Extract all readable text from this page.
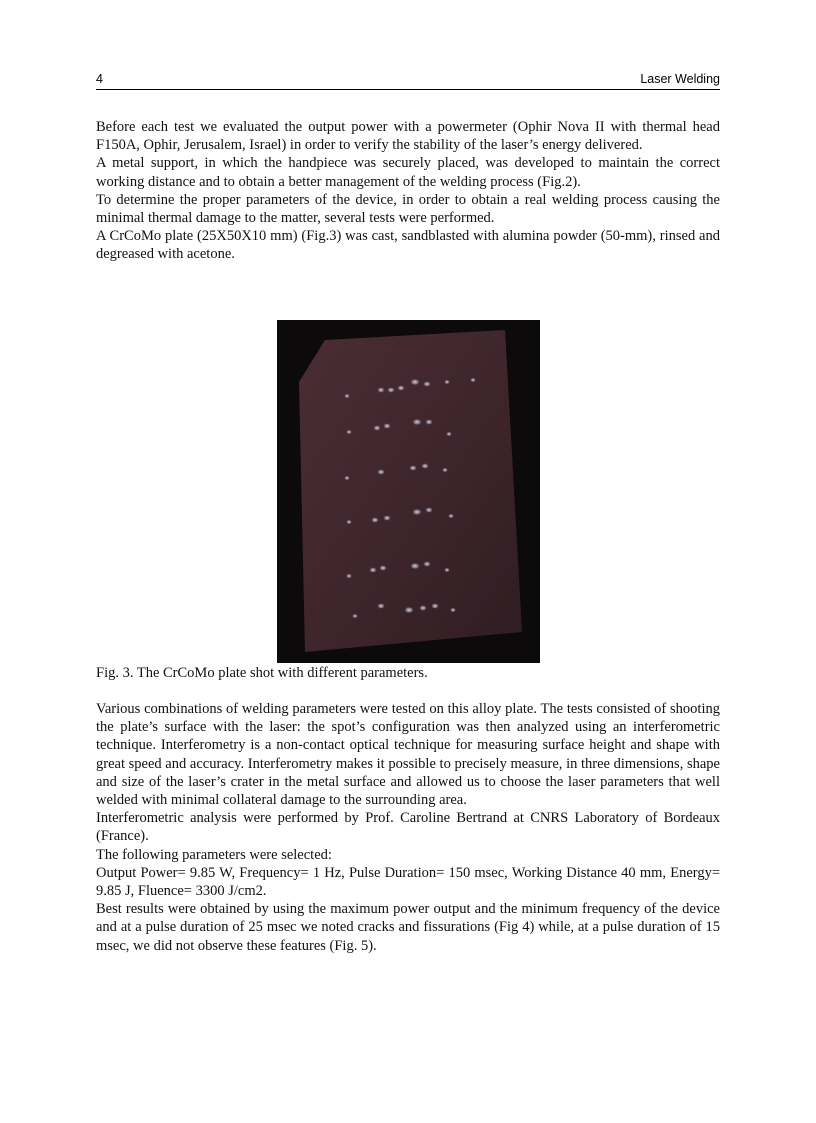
4	Laser Welding

Before each test we evaluated the output power with a powermeter (Ophir Nova II with thermal head F150A, Ophir, Jerusalem, Israel) in order to verify the stability of the laser’s energy delivered.

A metal support, in which the handpiece was securely placed, was developed to maintain the correct working distance and to obtain a better management of the welding process (Fig.2).

To determine the proper parameters of the device, in order to obtain a real welding process causing the minimal thermal damage to the matter, several tests were performed.

A CrCoMo plate (25X50X10 mm) (Fig.3) was cast, sandblasted with alumina powder (50-mm), rinsed and degreased with acetone.

Fig. 3. The CrCoMo plate shot with different parameters.

Various combinations of welding parameters were tested on this alloy plate. The tests consisted of shooting the plate’s surface with the laser: the spot’s configuration was then analyzed using an interferometric technique. Interferometry is a non-contact optical technique for measuring surface height and shape with great speed and accuracy. Interferometry makes it possible to precisely measure, in three dimensions, shape and size of the laser’s crater in the metal surface and allowed us to choose the laser parameters that well welded with minimal collateral damage to the surrounding area.

Interferometric analysis were performed by Prof. Caroline Bertrand at CNRS Laboratory of Bordeaux (France).

The following parameters were selected:

Output Power= 9.85 W, Frequency= 1 Hz, Pulse Duration= 150 msec, Working Distance 40 mm, Energy= 9.85 J, Fluence= 3300 J/cm2.

Best results were obtained by using the maximum power output and the minimum frequency of the device and at a pulse duration of 25 msec we noted cracks and fissurations (Fig 4) while, at a pulse duration of 15 msec, we did not observe these features (Fig. 5).
